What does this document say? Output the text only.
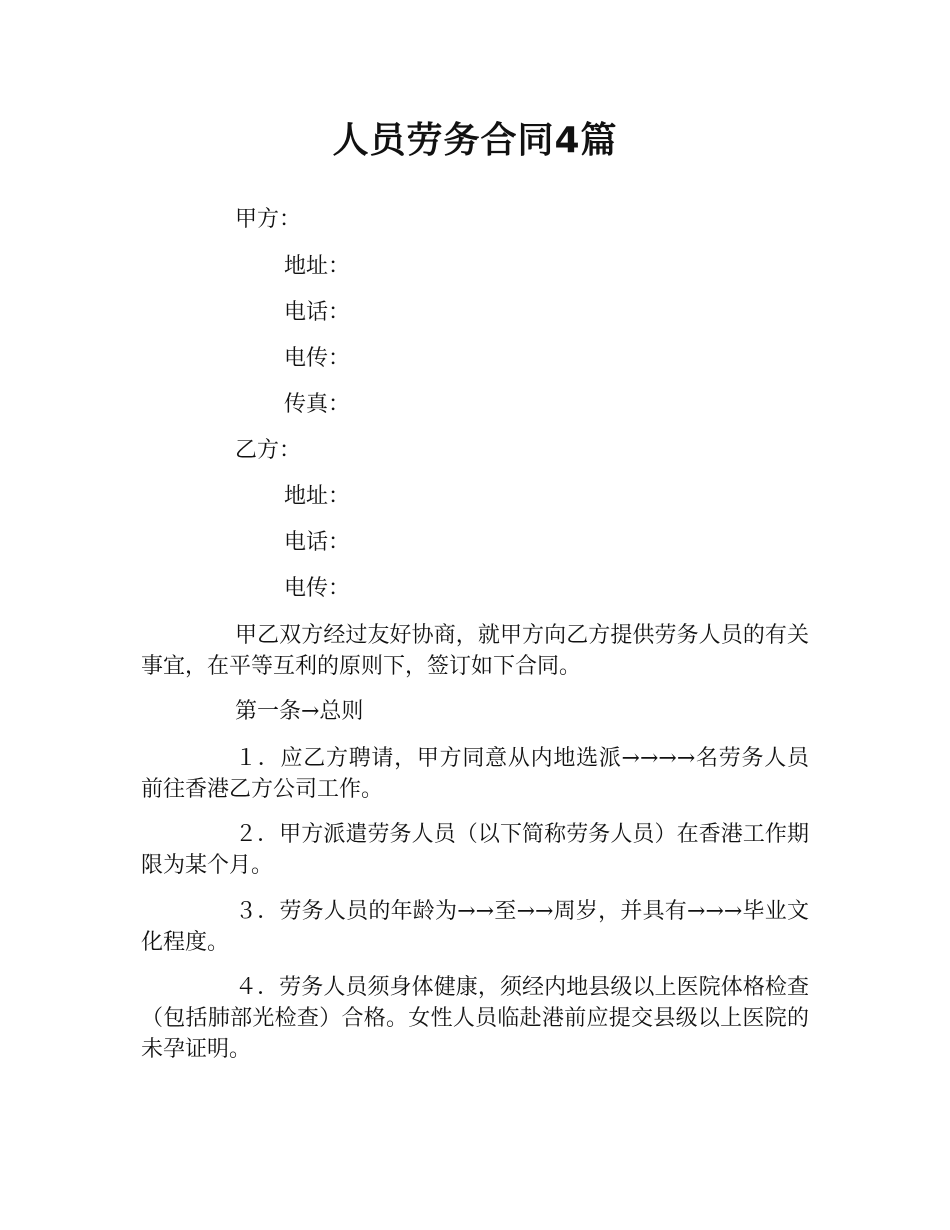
人员劳务合同4篇
甲方：
地址：
电话：
电传：
传真：
乙方：
地址：
电话：
电传：

甲乙双方经过友好协商，就甲方向乙方提供劳务人员的有关事宜，在平等互利的原则下，签订如下合同。

第一条→总则

１．应乙方聘请，甲方同意从内地选派→→→→名劳务人员前往香港乙方公司工作。

２．甲方派遣劳务人员（以下简称劳务人员）在香港工作期限为某个月。

３．劳务人员的年龄为→→至→→周岁，并具有→→→毕业文化程度。

４．劳务人员须身体健康，须经内地县级以上医院体格检查（包括肺部光检查）合格。女性人员临赴港前应提交县级以上医院的未孕证明。
